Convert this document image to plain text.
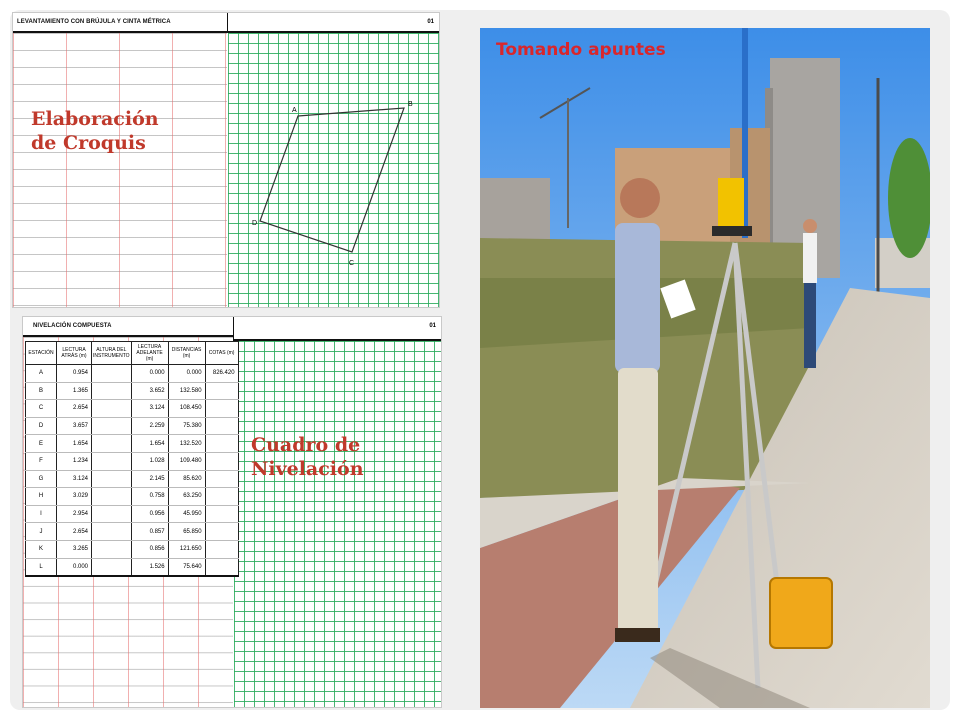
LEVANTAMIENTO CON BRÚJULA Y CINTA MÉTRICA	01
A
B
C
D
Elaboración
de Croquis
NIVELACIÓN COMPUESTA	01
ESTACIÓN	LECTURA ATRÁS (m)	ALTURA DEL INSTRUMENTO	LECTURA ADELANTE (m)	DISTANCIAS (m)	COTAS (m)
A	0.954		0.000	0.000	826.420
B	1.365		3.652	132.580	
C	2.654		3.124	108.450	
D	3.657		2.259	75.380	
E	1.654		1.654	132.520	
F	1.234		1.028	109.480	
G	3.124		2.145	85.620	
H	3.029		0.758	63.250	
I	2.954		0.956	45.950	
J	2.654		0.857	65.850	
K	3.265		0.856	121.650	
L	0.000		1.526	75.640	
Cuadro de
Nivelación
Tomando apuntes
